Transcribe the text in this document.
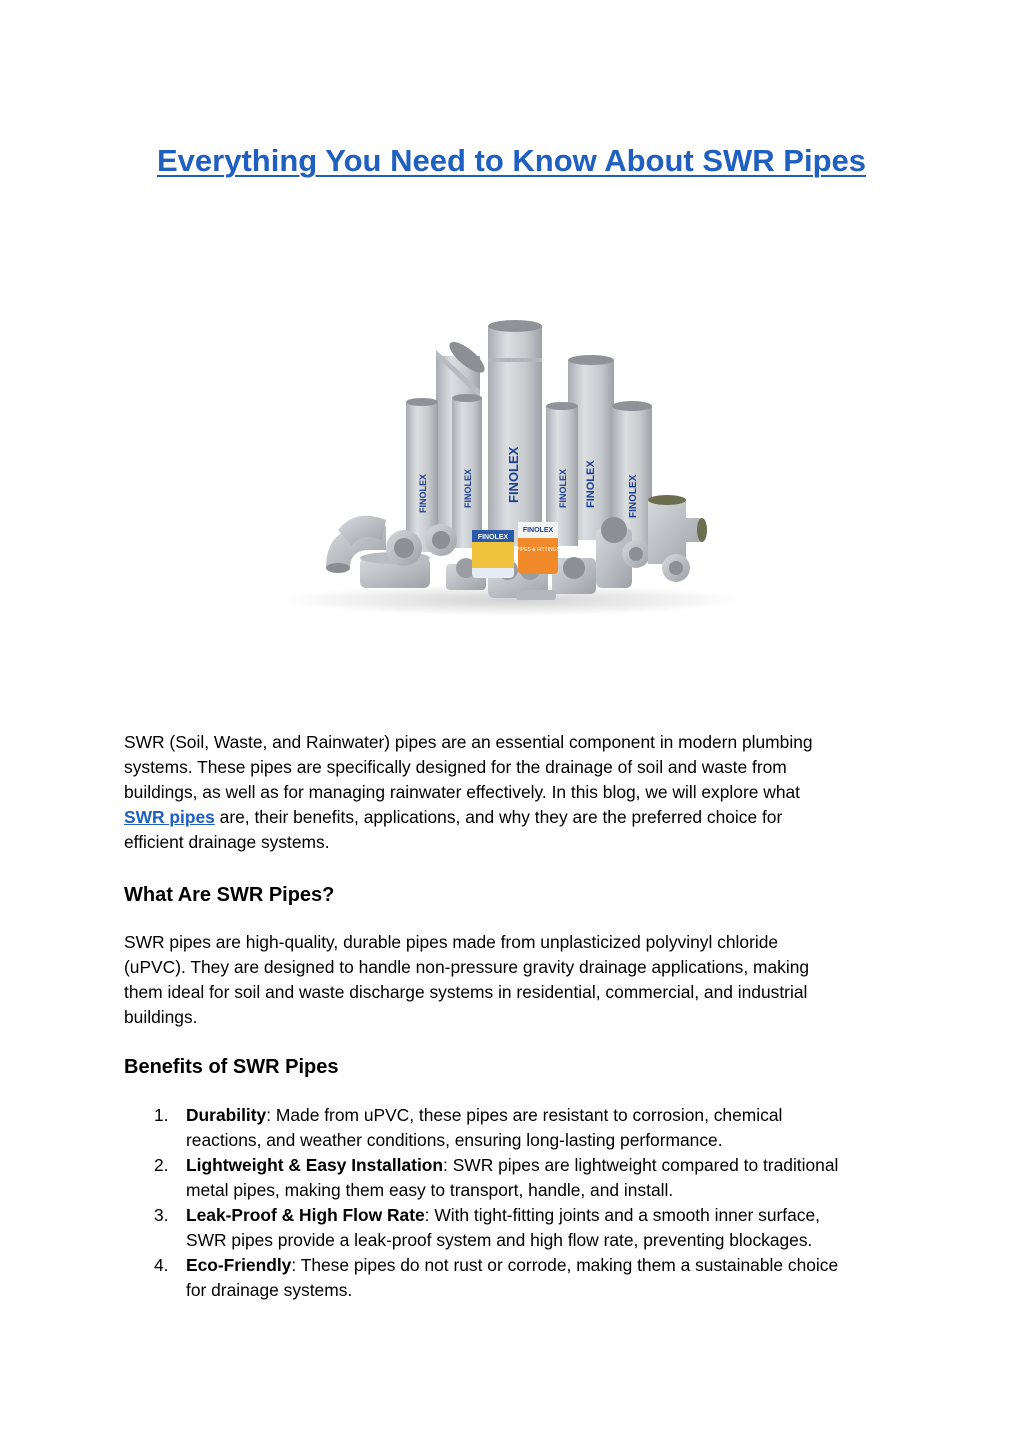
Everything You Need to Know About SWR Pipes
FINOLEX	FINOLEX
FINOLEX	FINOLEX	FINOLEX	FINOLEX
FINOLEX
FINOLEX
PIPES & FITTINGS
SWR (Soil, Waste, and Rainwater) pipes are an essential component in modern plumbing
systems. These pipes are specifically designed for the drainage of soil and waste from
buildings, as well as for managing rainwater effectively. In this blog, we will explore what
SWR pipes are, their benefits, applications, and why they are the preferred choice for
efficient drainage systems.
What Are SWR Pipes?
SWR pipes are high-quality, durable pipes made from unplasticized polyvinyl chloride
(uPVC). They are designed to handle non-pressure gravity drainage applications, making
them ideal for soil and waste discharge systems in residential, commercial, and industrial
buildings.
Benefits of SWR Pipes
1. Durability: Made from uPVC, these pipes are resistant to corrosion, chemical
reactions, and weather conditions, ensuring long-lasting performance.
2. Lightweight & Easy Installation: SWR pipes are lightweight compared to traditional
metal pipes, making them easy to transport, handle, and install.
3. Leak-Proof & High Flow Rate: With tight-fitting joints and a smooth inner surface,
SWR pipes provide a leak-proof system and high flow rate, preventing blockages.
4. Eco-Friendly: These pipes do not rust or corrode, making them a sustainable choice
for drainage systems.
